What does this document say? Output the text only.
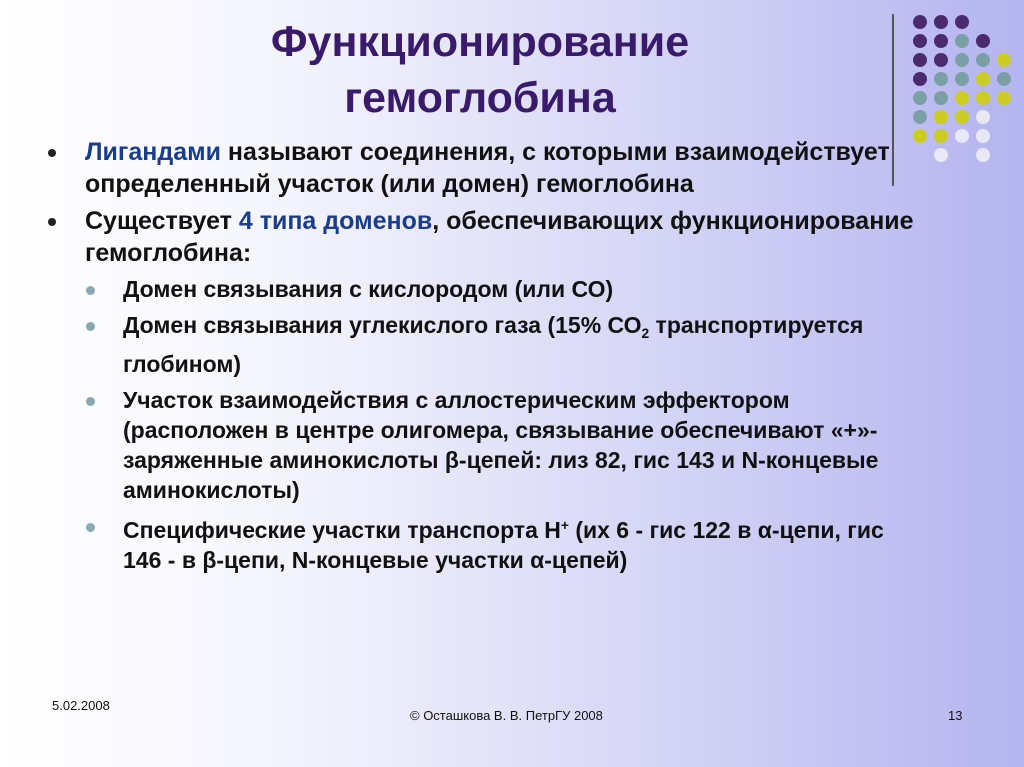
Функционирование гемоглобина
Лигандами называют соединения, с которыми взаимодействует определенный участок (или домен) гемоглобина
Существует 4 типа доменов, обеспечивающих функционирование гемоглобина:
Домен связывания с кислородом (или СО)
Домен связывания углекислого газа (15% $СО_2$ транспортируется глобином)
Участок взаимодействия с аллостерическим эффектором (расположен в центре олигомера, связывание обеспечивают «+»-заряженные аминокислоты β-цепей: лиз 82, гис 143 и N-концевые аминокислоты)
Специфические участки транспорта Н+ (их 6 - гис 122 в α-цепи, гис 146 - в β-цепи, N-концевые участки α-цепей)
5.02.2008
© Осташкова В. В. ПетрГУ 2008	13
